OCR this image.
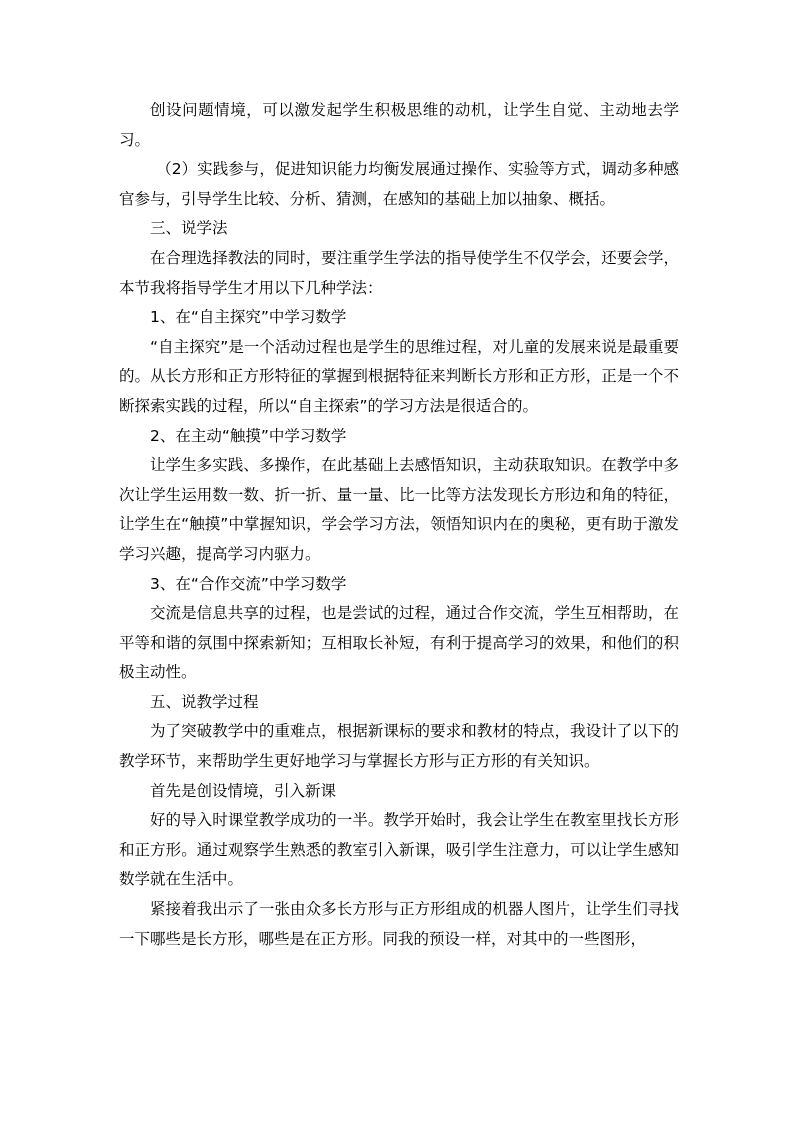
创设问题情境，可以激发起学生积极思维的动机，让学生自觉、主动地去学习。

（2）实践参与，促进知识能力均衡发展通过操作、实验等方式，调动多种感官参与，引导学生比较、分析、猜测，在感知的基础上加以抽象、概括。

三、说学法

在合理选择教法的同时，要注重学生学法的指导使学生不仅学会，还要会学，本节我将指导学生才用以下几种学法：

1、在“自主探究”中学习数学

“自主探究”是一个活动过程也是学生的思维过程，对儿童的发展来说是最重要的。从长方形和正方形特征的掌握到根据特征来判断长方形和正方形，正是一个不断探索实践的过程，所以“自主探索”的学习方法是很适合的。

2、在主动“触摸”中学习数学

让学生多实践、多操作，在此基础上去感悟知识，主动获取知识。在教学中多次让学生运用数一数、折一折、量一量、比一比等方法发现长方形边和角的特征，让学生在“触摸”中掌握知识，学会学习方法，领悟知识内在的奥秘，更有助于激发学习兴趣，提高学习内驱力。

3、在“合作交流”中学习数学

交流是信息共享的过程，也是尝试的过程，通过合作交流，学生互相帮助，在平等和谐的氛围中探索新知；互相取长补短，有利于提高学习的效果，和他们的积极主动性。

五、说教学过程

为了突破教学中的重难点，根据新课标的要求和教材的特点，我设计了以下的教学环节，来帮助学生更好地学习与掌握长方形与正方形的有关知识。

首先是创设情境，引入新课

好的导入时课堂教学成功的一半。教学开始时，我会让学生在教室里找长方形和正方形。通过观察学生熟悉的教室引入新课，吸引学生注意力，可以让学生感知数学就在生活中。

紧接着我出示了一张由众多长方形与正方形组成的机器人图片，让学生们寻找一下哪些是长方形，哪些是在正方形。同我的预设一样，对其中的一些图形，
